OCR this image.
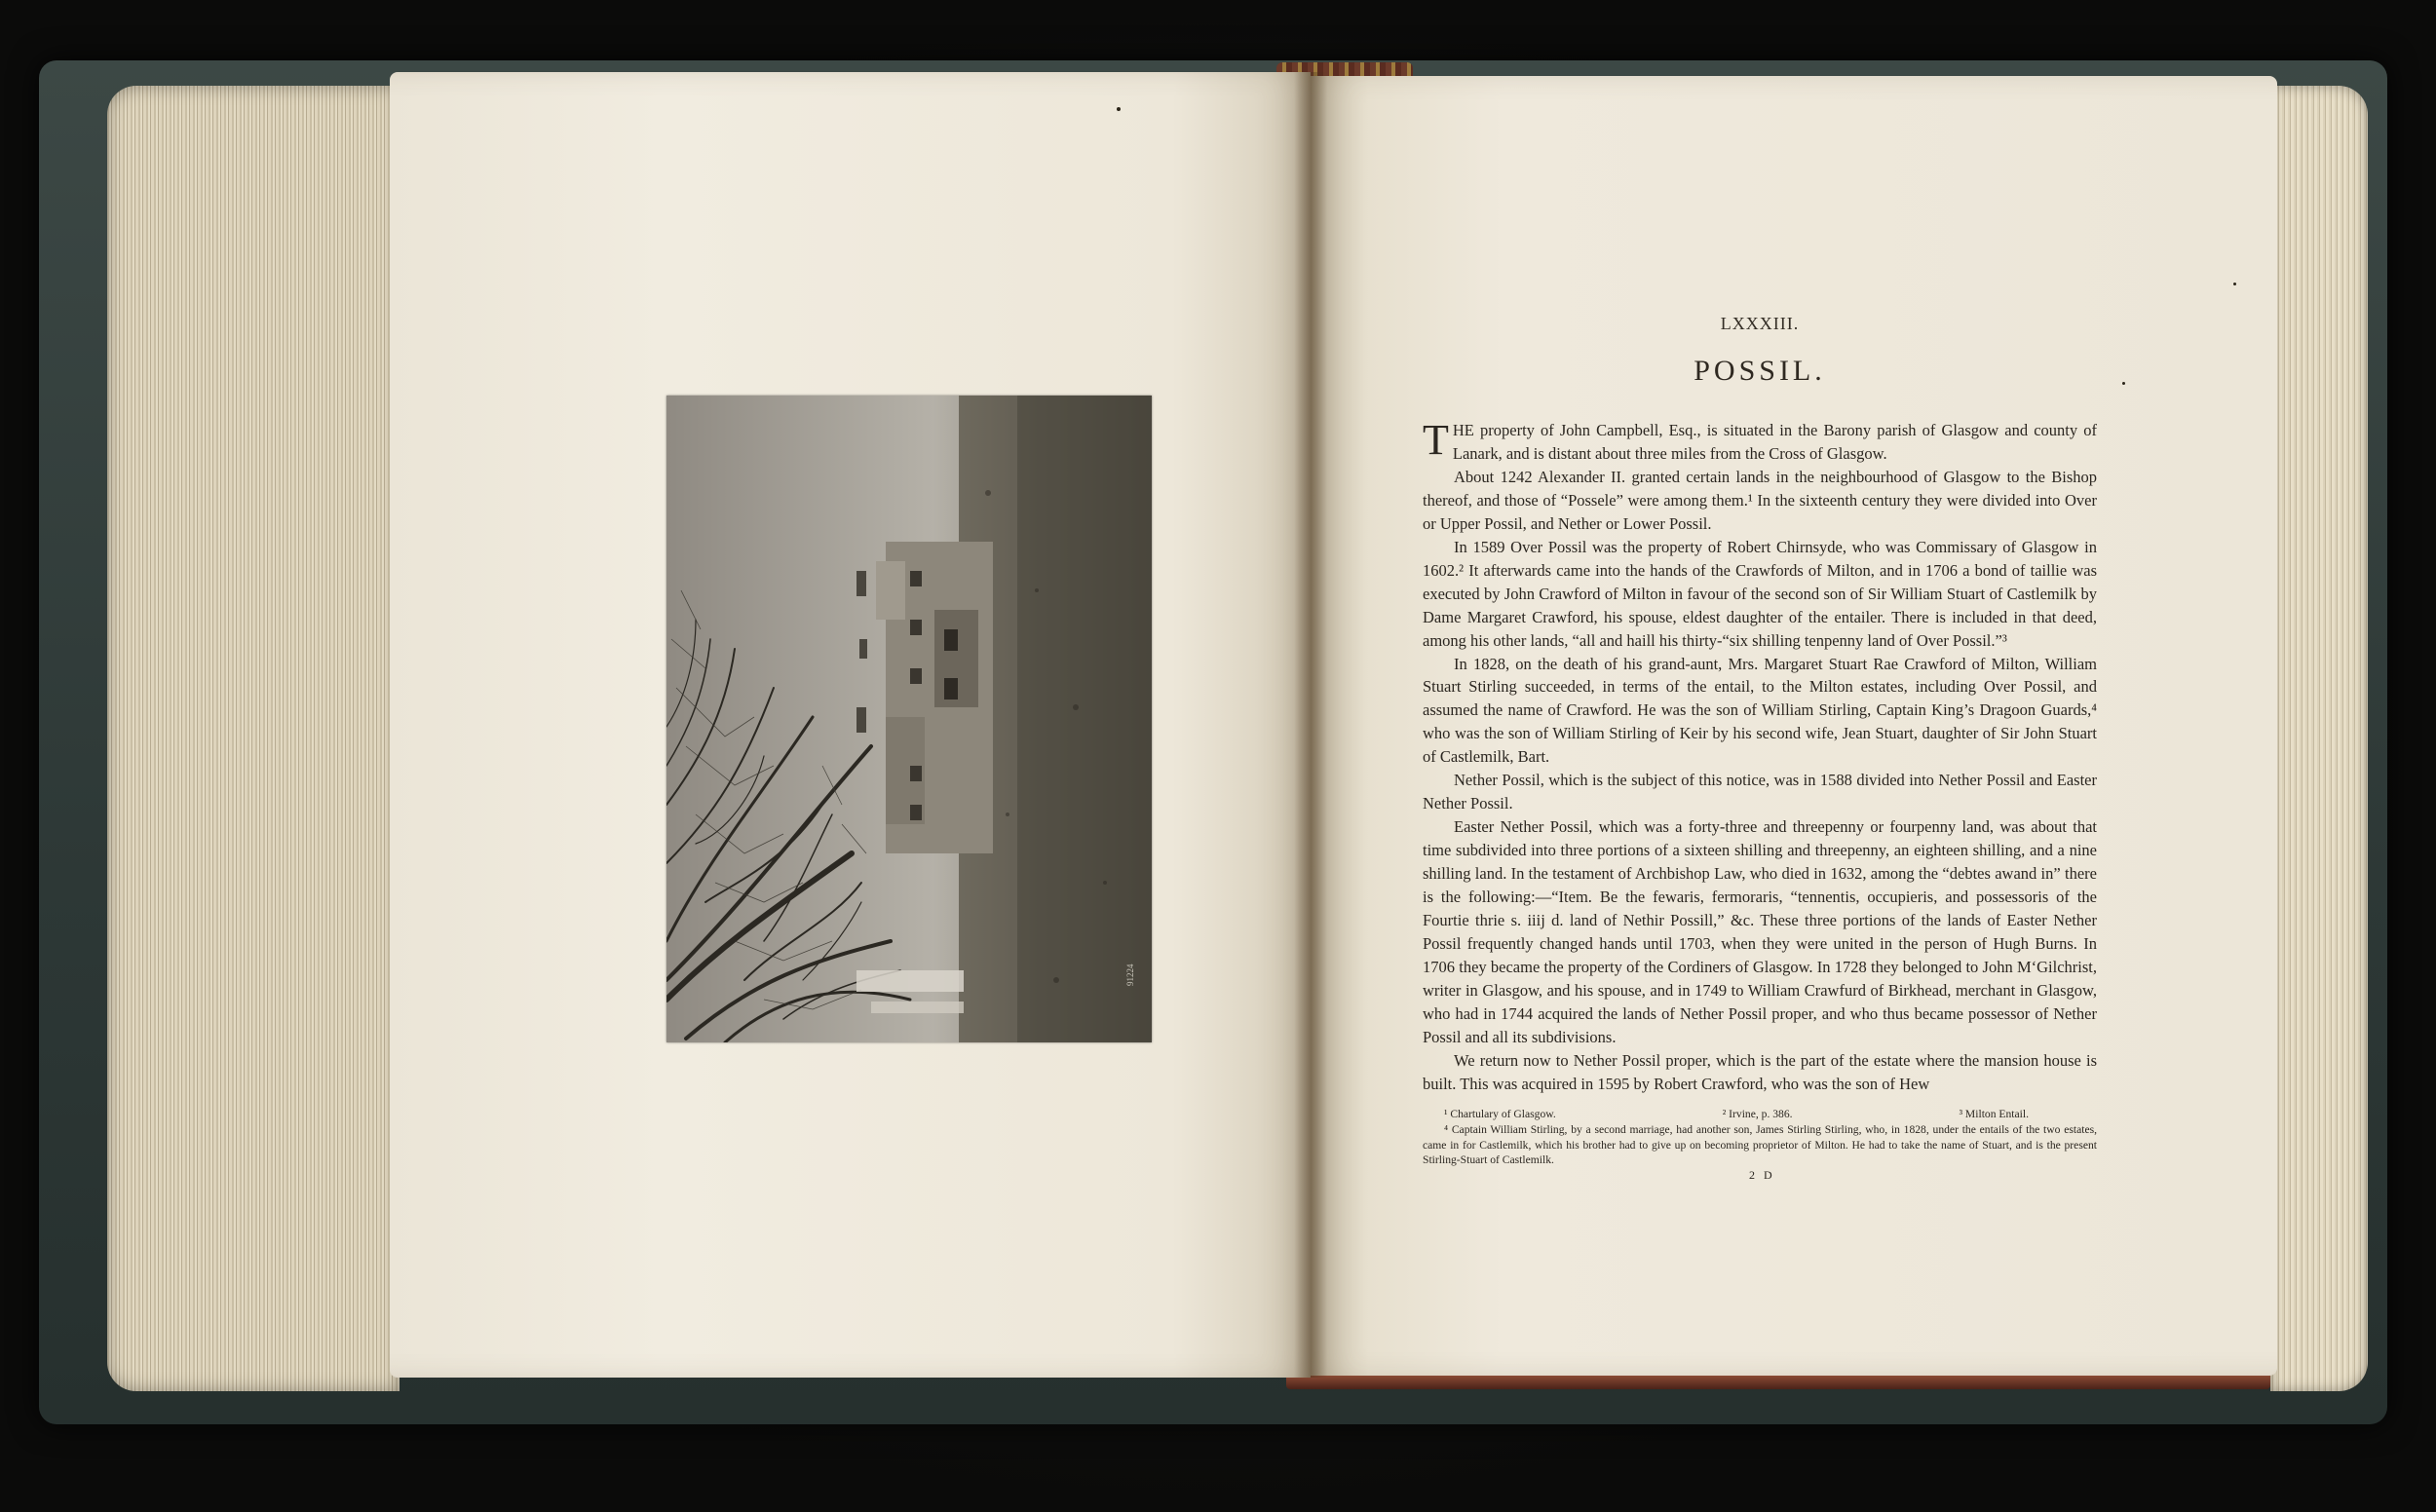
91224
LXXXIII.
POSSIL.

THE property of John Campbell, Esq., is situated in the Barony parish of Glasgow and county of Lanark, and is distant about three miles from the Cross of Glasgow.

About 1242 Alexander II. granted certain lands in the neighbourhood of Glasgow to the Bishop thereof, and those of “Possele” were among them.¹ In the sixteenth century they were divided into Over or Upper Possil, and Nether or Lower Possil.

In 1589 Over Possil was the property of Robert Chirnsyde, who was Commissary of Glasgow in 1602.² It afterwards came into the hands of the Crawfords of Milton, and in 1706 a bond of taillie was executed by John Crawford of Milton in favour of the second son of Sir William Stuart of Castlemilk by Dame Margaret Crawford, his spouse, eldest daughter of the entailer. There is included in that deed, among his other lands, “all and haill his thirty-“six shilling tenpenny land of Over Possil.”³

In 1828, on the death of his grand-aunt, Mrs. Margaret Stuart Rae Crawford of Milton, William Stuart Stirling succeeded, in terms of the entail, to the Milton estates, including Over Possil, and assumed the name of Crawford. He was the son of William Stirling, Captain King’s Dragoon Guards,⁴ who was the son of William Stirling of Keir by his second wife, Jean Stuart, daughter of Sir John Stuart of Castlemilk, Bart.

Nether Possil, which is the subject of this notice, was in 1588 divided into Nether Possil and Easter Nether Possil.

Easter Nether Possil, which was a forty-three and threepenny or fourpenny land, was about that time subdivided into three portions of a sixteen shilling and threepenny, an eighteen shilling, and a nine shilling land. In the testament of Archbishop Law, who died in 1632, among the “debtes awand in” there is the following:—“Item. Be the fewaris, fermoraris, “tennentis, occupieris, and possessoris of the Fourtie thrie s. iiij d. land of Nethir Possill,” &c. These three portions of the lands of Easter Nether Possil frequently changed hands until 1703, when they were united in the person of Hugh Burns. In 1706 they became the property of the Cordiners of Glasgow. In 1728 they belonged to John M‘Gilchrist, writer in Glasgow, and his spouse, and in 1749 to William Crawfurd of Birkhead, merchant in Glasgow, who had in 1744 acquired the lands of Nether Possil proper, and who thus became possessor of Nether Possil and all its subdivisions.

We return now to Nether Possil proper, which is the part of the estate where the mansion house is built. This was acquired in 1595 by Robert Crawford, who was the son of Hew

¹ Chartulary of Glasgow.	² Irvine, p. 386.	³ Milton Entail.
⁴ Captain William Stirling, by a second marriage, had another son, James Stirling Stirling, who, in 1828, under the entails of the two estates, came in for Castlemilk, which his brother had to give up on becoming proprietor of Milton. He had to take the name of Stuart, and is the present Stirling-Stuart of Castlemilk.
2 D
